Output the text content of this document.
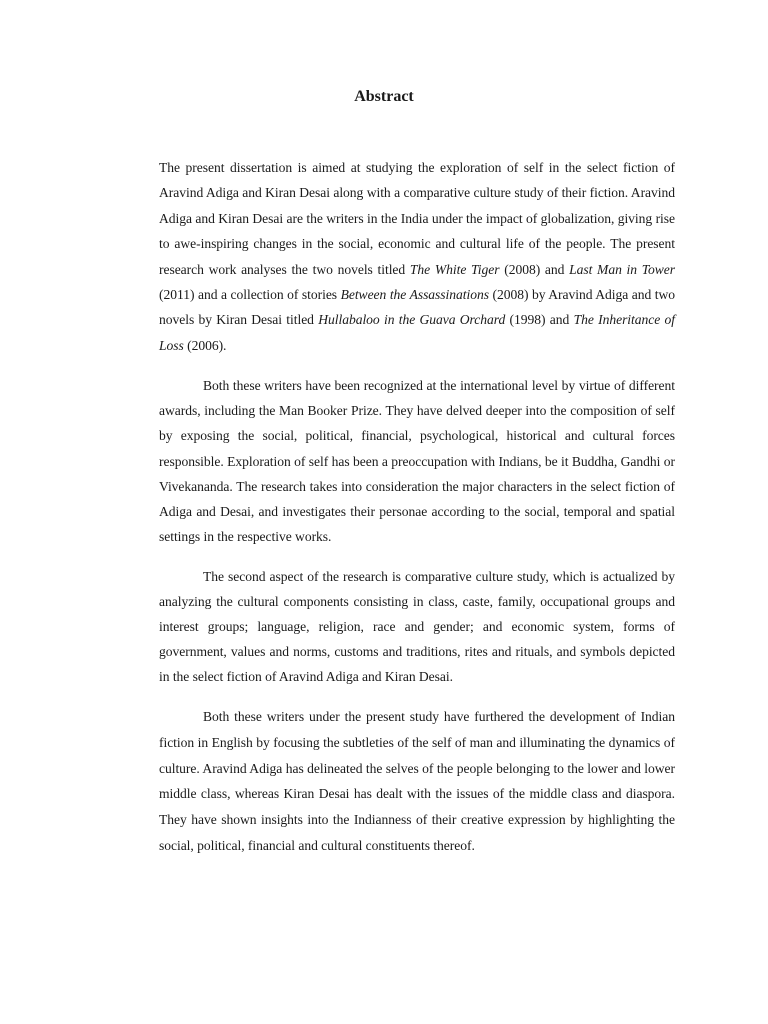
Abstract

The present dissertation is aimed at studying the exploration of self in the select fiction of Aravind Adiga and Kiran Desai along with a comparative culture study of their fiction. Aravind Adiga and Kiran Desai are the writers in the India under the impact of globalization, giving rise to awe-inspiring changes in the social, economic and cultural life of the people. The present research work analyses the two novels titled The White Tiger (2008) and Last Man in Tower (2011) and a collection of stories Between the Assassinations (2008) by Aravind Adiga and two novels by Kiran Desai titled Hullabaloo in the Guava Orchard (1998) and The Inheritance of Loss (2006).

Both these writers have been recognized at the international level by virtue of different awards, including the Man Booker Prize. They have delved deeper into the composition of self by exposing the social, political, financial, psychological, historical and cultural forces responsible. Exploration of self has been a preoccupation with Indians, be it Buddha, Gandhi or Vivekananda. The research takes into consideration the major characters in the select fiction of Adiga and Desai, and investigates their personae according to the social, temporal and spatial settings in the respective works.

The second aspect of the research is comparative culture study, which is actualized by analyzing the cultural components consisting in class, caste, family, occupational groups and interest groups; language, religion, race and gender; and economic system, forms of government, values and norms, customs and traditions, rites and rituals, and symbols depicted in the select fiction of Aravind Adiga and Kiran Desai.

Both these writers under the present study have furthered the development of Indian fiction in English by focusing the subtleties of the self of man and illuminating the dynamics of culture. Aravind Adiga has delineated the selves of the people belonging to the lower and lower middle class, whereas Kiran Desai has dealt with the issues of the middle class and diaspora. They have shown insights into the Indianness of their creative expression by highlighting the social, political, financial and cultural constituents thereof.
